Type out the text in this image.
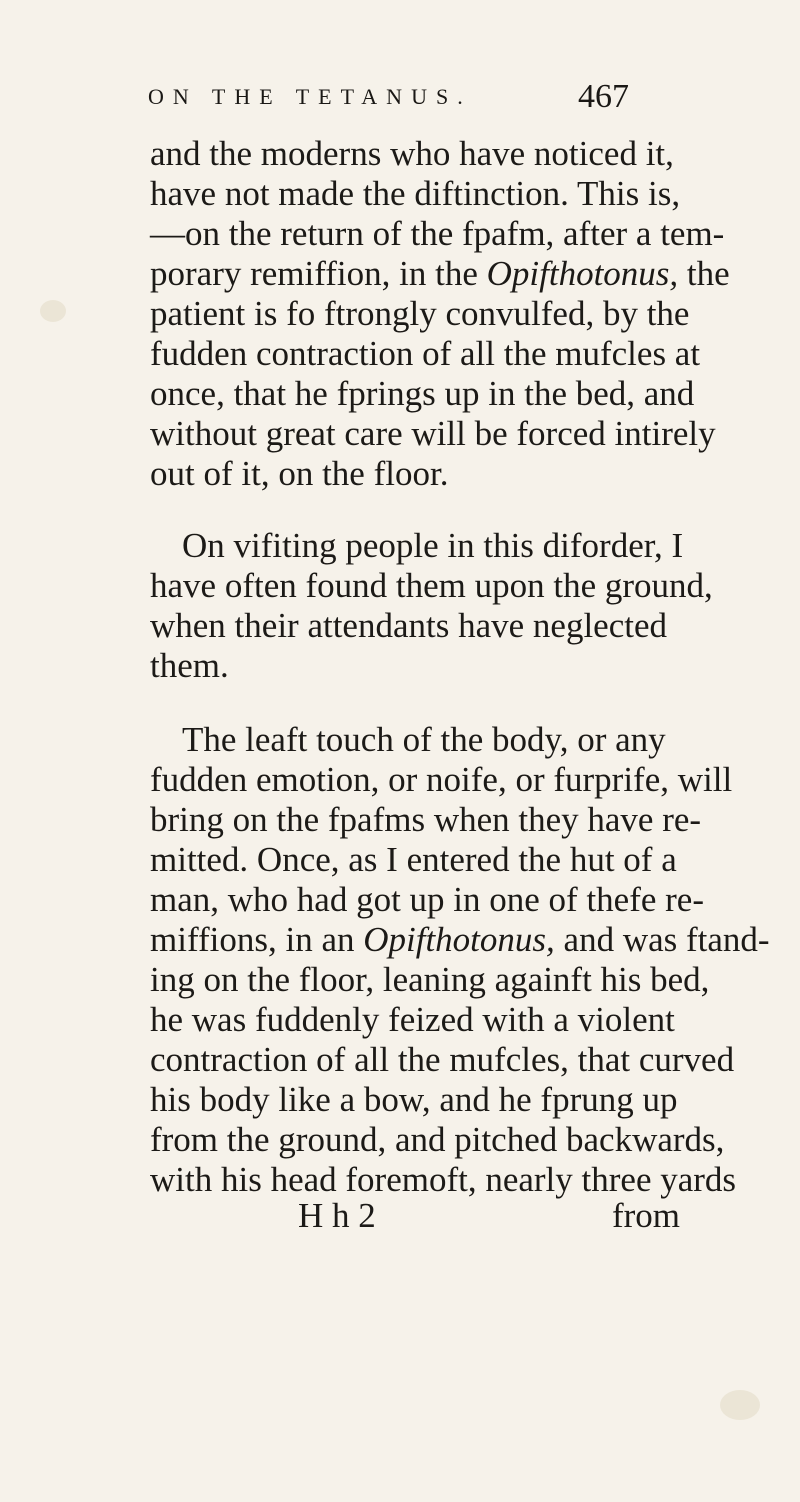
ON THE TETANUS.	467
and the moderns who have noticed it,
have not made the diftinction. This is,
—on the return of the fpafm, after a tem-
porary remiffion, in the Opifthotonus, the
patient is fo ftrongly convulfed, by the
fudden contraction of all the mufcles at
once, that he fprings up in the bed, and
without great care will be forced intirely
out of it, on the floor.
On vifiting people in this diforder, I
have often found them upon the ground,
when their attendants have neglected
them.
The leaft touch of the body, or any
fudden emotion, or noife, or furprife, will
bring on the fpafms when they have re-
mitted. Once, as I entered the hut of a
man, who had got up in one of thefe re-
miffions, in an Opifthotonus, and was ftand-
ing on the floor, leaning againft his bed,
he was fuddenly feized with a violent
contraction of all the mufcles, that curved
his body like a bow, and he fprung up
from the ground, and pitched backwards,
with his head foremoft, nearly three yards
H h 2	from
